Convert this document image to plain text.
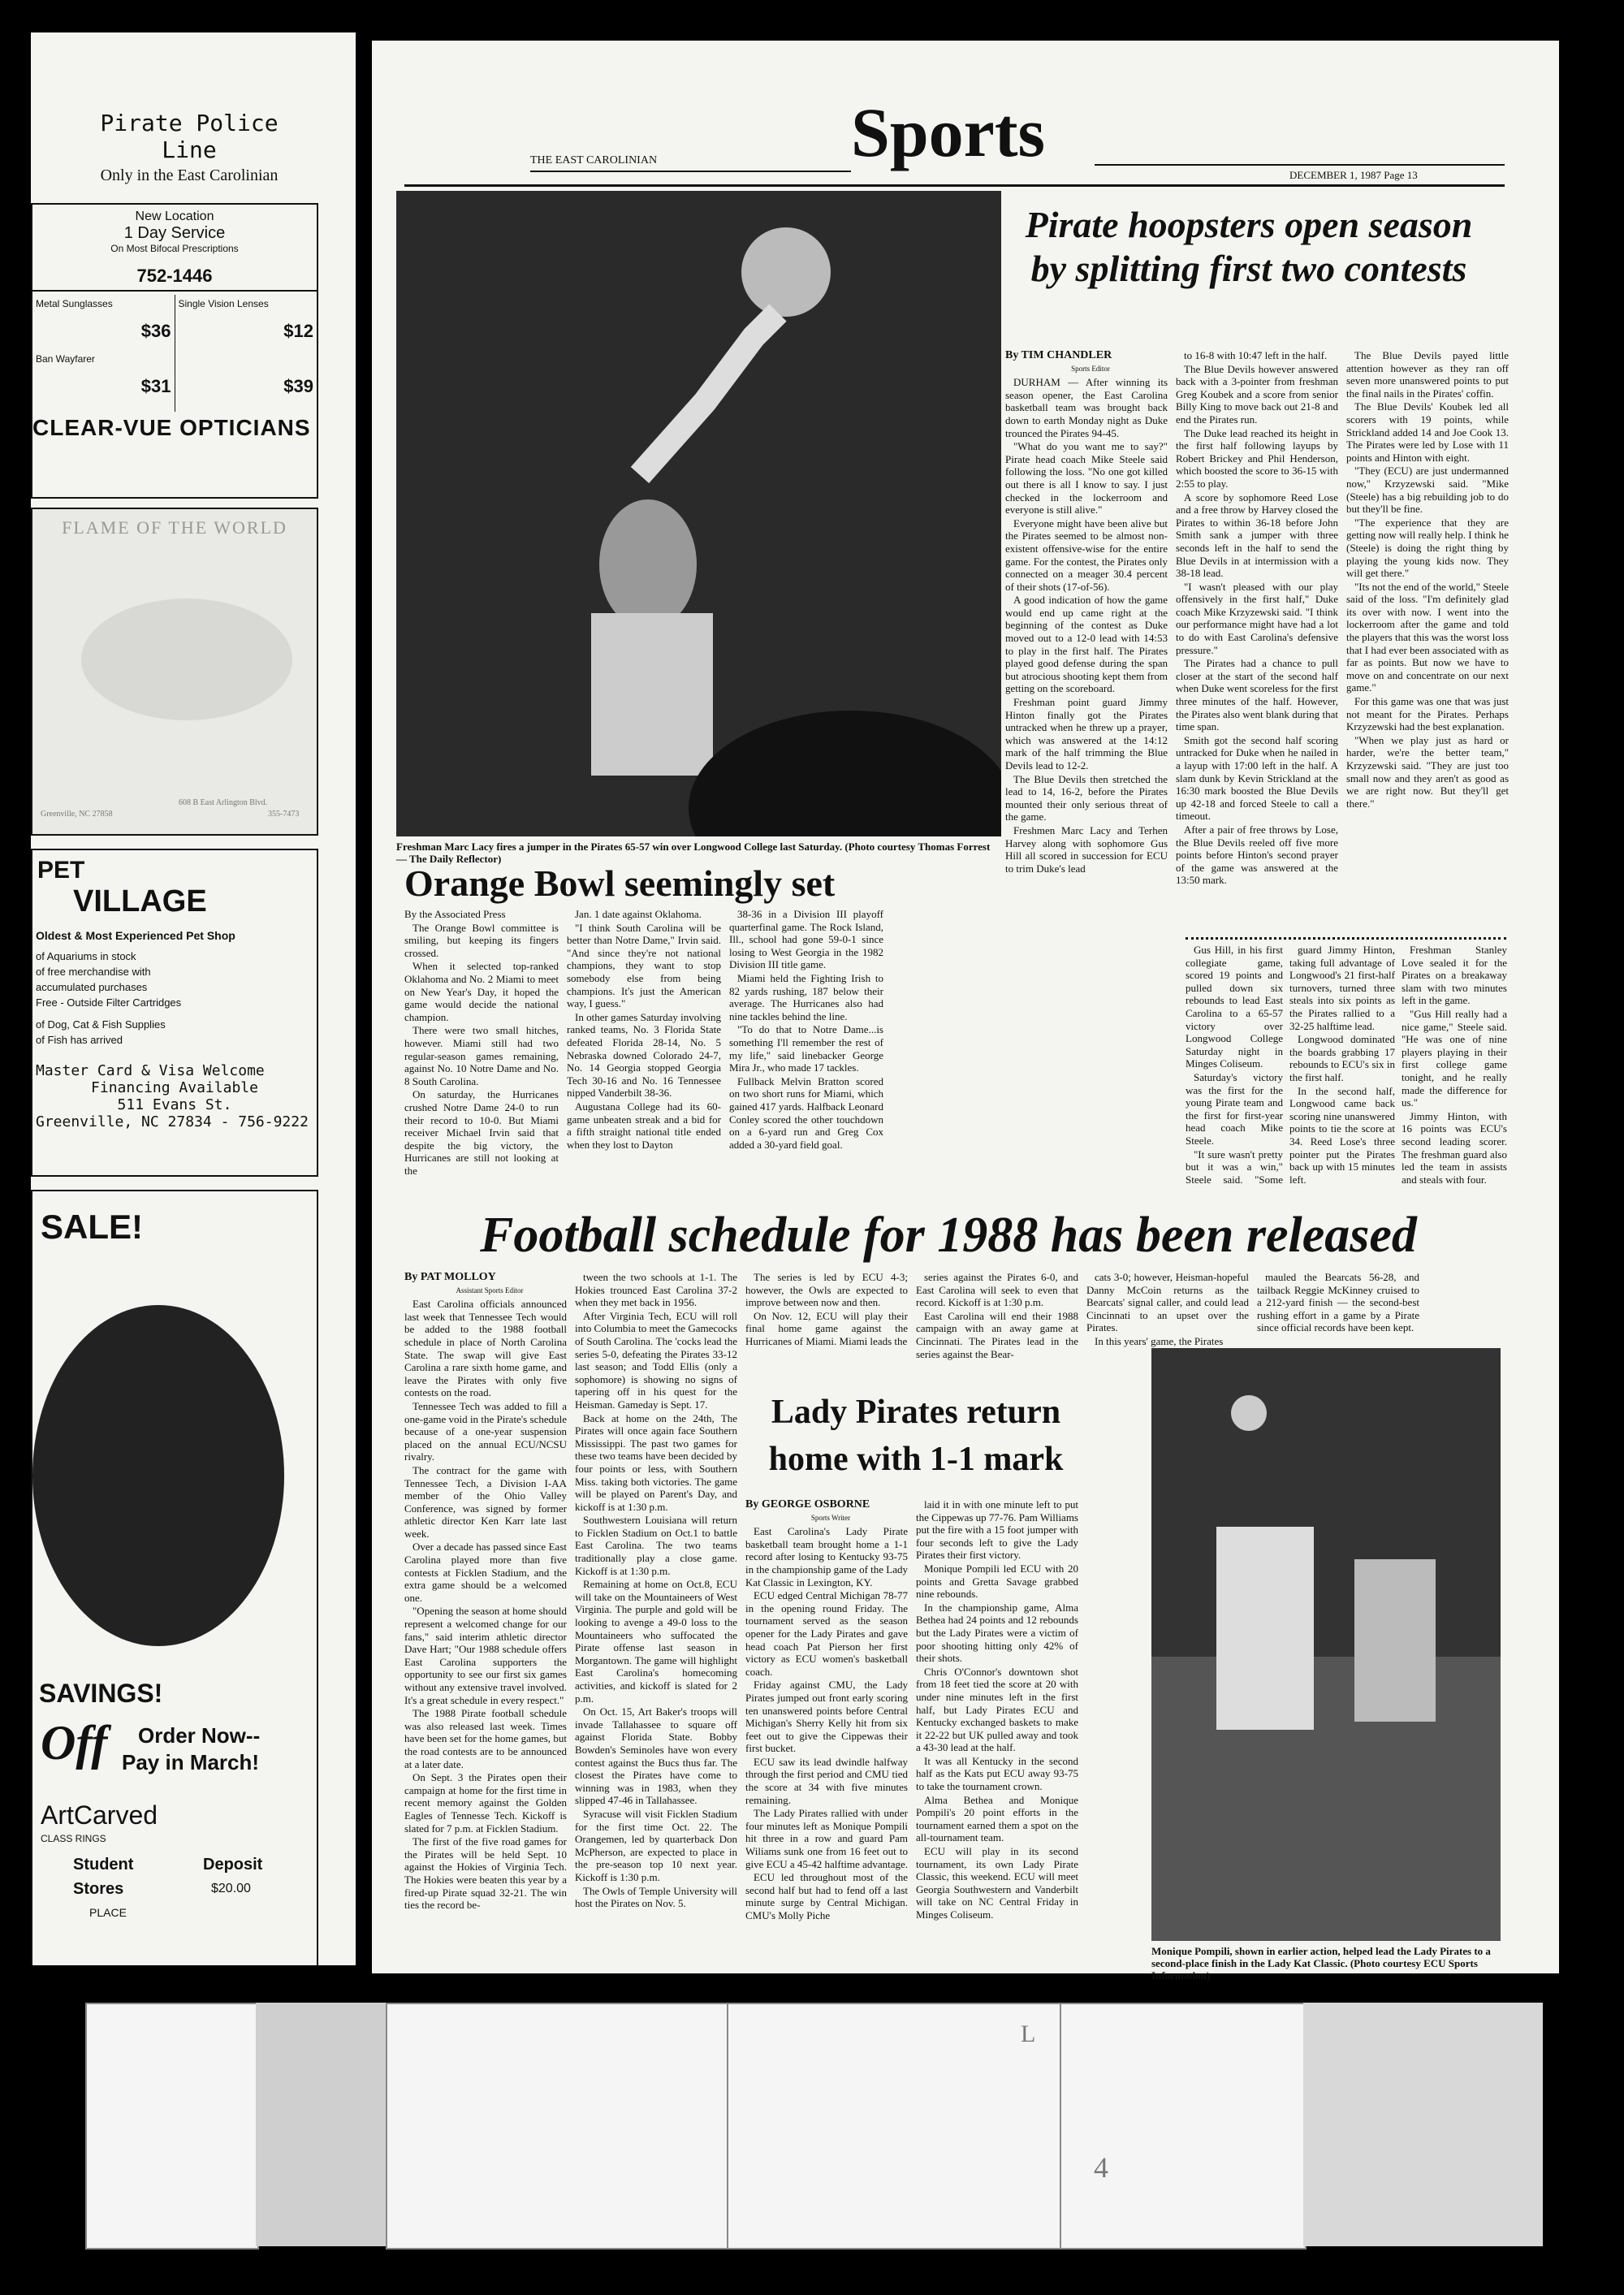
Pirate Police
Line
Only in the East Carolinian
New Location
1 Day Service
On Most Bifocal Prescriptions
752-1446
Metal Sunglasses
$36
Ban Wayfarer
$31
Single Vision Lenses
$12
$39
CLEAR-VUE OPTICIANS
FLAME OF THE WORLD
Greenville, NC 27858
608 B East Arlington Blvd.
355-7473
PET
VILLAGE
Oldest & Most Experienced Pet Shop
of Aquariums in stock
of free merchandise with
accumulated purchases
Free - Outside Filter Cartridges
of Dog, Cat & Fish Supplies
of Fish has arrived
Master Card & Visa Welcome
Financing Available
511 Evans St.
Greenville, NC 27834 - 756-9222
SALE!
SAVINGS!
Off Order Now--
Pay in March!
ArtCarved
CLASS RINGS
Student
Stores
Deposit
$20.00
PLACE
THE EAST CAROLINIAN	Sports
DECEMBER 1, 1987 Page 13
Freshman Marc Lacy fires a jumper in the Pirates 65-57 win over Longwood College last Saturday. (Photo courtesy Thomas Forrest — The Daily Reflector)
Pirate hoopsters open season
by splitting first two contests

By TIM CHANDLER

Sports Editor

DURHAM — After winning its season opener, the East Carolina basketball team was brought back down to earth Monday night as Duke trounced the Pirates 94-45.

"What do you want me to say?" Pirate head coach Mike Steele said following the loss. "No one got killed out there is all I know to say. I just checked in the lockerroom and everyone is still alive."

Everyone might have been alive but the Pirates seemed to be almost non-existent offensive-wise for the entire game. For the contest, the Pirates only connected on a meager 30.4 percent of their shots (17-of-56).

A good indication of how the game would end up came right at the beginning of the contest as Duke moved out to a 12-0 lead with 14:53 to play in the first half. The Pirates played good defense during the span but atrocious shooting kept them from getting on the scoreboard.

Freshman point guard Jimmy Hinton finally got the Pirates untracked when he threw up a prayer, which was answered at the 14:12 mark of the half trimming the Blue Devils lead to 12-2.

The Blue Devils then stretched the lead to 14, 16-2, before the Pirates mounted their only serious threat of the game.

Freshmen Marc Lacy and Terhen Harvey along with sophomore Gus Hill all scored in succession for ECU to trim Duke's lead

to 16-8 with 10:47 left in the half.

The Blue Devils however answered back with a 3-pointer from freshman Greg Koubek and a score from senior Billy King to move back out 21-8 and end the Pirates run.

The Duke lead reached its height in the first half following layups by Robert Brickey and Phil Henderson, which boosted the score to 36-15 with 2:55 to play.

A score by sophomore Reed Lose and a free throw by Harvey closed the Pirates to within 36-18 before John Smith sank a jumper with three seconds left in the half to send the Blue Devils in at intermission with a 38-18 lead.

"I wasn't pleased with our play offensively in the first half," Duke coach Mike Krzyzewski said. "I think our performance might have had a lot to do with East Carolina's defensive pressure."

The Pirates had a chance to pull closer at the start of the second half when Duke went scoreless for the first three minutes of the half. However, the Pirates also went blank during that time span.

Smith got the second half scoring untracked for Duke when he nailed in a layup with 17:00 left in the half. A slam dunk by Kevin Strickland at the 16:30 mark boosted the Blue Devils up 42-18 and forced Steele to call a timeout.

After a pair of free throws by Lose, the Blue Devils reeled off five more points before Hinton's second prayer of the game was answered at the 13:50 mark.

The Blue Devils payed little attention however as they ran off seven more unanswered points to put the final nails in the Pirates' coffin.

The Blue Devils' Koubek led all scorers with 19 points, while Strickland added 14 and Joe Cook 13. The Pirates were led by Lose with 11 points and Hinton with eight.

"They (ECU) are just undermanned now," Krzyzewski said. "Mike (Steele) has a big rebuilding job to do but they'll be fine.

"The experience that they are getting now will really help. I think he (Steele) is doing the right thing by playing the young kids now. They will get there."

"Its not the end of the world," Steele said of the loss. "I'm definitely glad its over with now. I went into the lockerroom after the game and told the players that this was the worst loss that I had ever been associated with as far as points. But now we have to move on and concentrate on our next game."

For this game was one that was just not meant for the Pirates. Perhaps Krzyzewski had the best explanation.

"When we play just as hard or harder, we're the better team," Krzyzewski said. "They are just too small now and they aren't as good as we are right now. But they'll get there."

Gus Hill, in his first collegiate game, scored 19 points and pulled down six rebounds to lead East Carolina to a 65-57 victory over Longwood College Saturday night in Minges Coliseum.

Saturday's victory was the first for the young Pirate team and the first for first-year head coach Mike Steele.

"It sure wasn't pretty but it was a win," Steele said. "Some

guard Jimmy Hinton, taking full advantage of Longwood's 21 first-half turnovers, turned three steals into six points as the Pirates rallied to a 32-25 halftime lead.

Longwood dominated the boards grabbing 17 rebounds to ECU's six in the first half.

In the second half, Longwood came back scoring nine unanswered points to tie the score at 34. Reed Lose's three pointer put the Pirates back up with 15 minutes left.

Freshman Stanley Love sealed it for the Pirates on a breakaway slam with two minutes left in the game.

"Gus Hill really had a nice game," Steele said. "He was one of nine players playing in their first college game tonight, and he really made the difference for us."

Jimmy Hinton, with 16 points was ECU's second leading scorer. The freshman guard also led the team in assists and steals with four.

Orange Bowl seemingly set

By the Associated Press

The Orange Bowl committee is smiling, but keeping its fingers crossed.

When it selected top-ranked Oklahoma and No. 2 Miami to meet on New Year's Day, it hoped the game would decide the national champion.

There were two small hitches, however. Miami still had two regular-season games remaining, against No. 10 Notre Dame and No. 8 South Carolina.

On saturday, the Hurricanes crushed Notre Dame 24-0 to run their record to 10-0. But Miami receiver Michael Irvin said that despite the big victory, the Hurricanes are still not looking at the

Jan. 1 date against Oklahoma.

"I think South Carolina will be better than Notre Dame," Irvin said. "And since they're not national champions, they want to stop somebody else from being champions. It's just the American way, I guess."

In other games Saturday involving ranked teams, No. 3 Florida State defeated Florida 28-14, No. 5 Nebraska downed Colorado 24-7, No. 14 Georgia stopped Georgia Tech 30-16 and No. 16 Tennessee nipped Vanderbilt 38-36.

Augustana College had its 60-game unbeaten streak and a bid for a fifth straight national title ended when they lost to Dayton

38-36 in a Division III playoff quarterfinal game. The Rock Island, Ill., school had gone 59-0-1 since losing to West Georgia in the 1982 Division III title game.

Miami held the Fighting Irish to 82 yards rushing, 187 below their average. The Hurricanes also had nine tackles behind the line.

"To do that to Notre Dame...is something I'll remember the rest of my life," said linebacker George Mira Jr., who made 17 tackles.

Fullback Melvin Bratton scored on two short runs for Miami, which gained 417 yards. Halfback Leonard Conley scored the other touchdown on a 6-yard run and Greg Cox added a 30-yard field goal.

Football schedule for 1988 has been released

By PAT MOLLOY

Assistant Sports Editor

East Carolina officials announced last week that Tennessee Tech would be added to the 1988 football schedule in place of North Carolina State. The swap will give East Carolina a rare sixth home game, and leave the Pirates with only five contests on the road.

Tennessee Tech was added to fill a one-game void in the Pirate's schedule because of a one-year suspension placed on the annual ECU/NCSU rivalry.

The contract for the game with Tennessee Tech, a Division I-AA member of the Ohio Valley Conference, was signed by former athletic director Ken Karr late last week.

Over a decade has passed since East Carolina played more than five contests at Ficklen Stadium, and the extra game should be a welcomed one.

"Opening the season at home should represent a welcomed change for our fans," said interim athletic director Dave Hart; "Our 1988 schedule offers East Carolina supporters the opportunity to see our first six games without any extensive travel involved. It's a great schedule in every respect."

The 1988 Pirate football schedule was also released last week. Times have been set for the home games, but the road contests are to be announced at a later date.

On Sept. 3 the Pirates open their campaign at home for the first time in recent memory against the Golden Eagles of Tennesse Tech. Kickoff is slated for 7 p.m. at Ficklen Stadium.

The first of the five road games for the Pirates will be held Sept. 10 against the Hokies of Virginia Tech. The Hokies were beaten this year by a fired-up Pirate squad 32-21. The win ties the record be-

tween the two schools at 1-1. The Hokies trounced East Carolina 37-2 when they met back in 1956.

After Virginia Tech, ECU will roll into Columbia to meet the Gamecocks of South Carolina. The 'cocks lead the series 5-0, defeating the Pirates 33-12 last season; and Todd Ellis (only a sophomore) is showing no signs of tapering off in his quest for the Heisman. Gameday is Sept. 17.

Back at home on the 24th, The Pirates will once again face Southern Mississippi. The past two games for these two teams have been decided by four points or less, with Southern Miss. taking both victories. The game will be played on Parent's Day, and kickoff is at 1:30 p.m.

Southwestern Louisiana will return to Ficklen Stadium on Oct.1 to battle East Carolina. The two teams traditionally play a close game. Kickoff is at 1:30 p.m.

Remaining at home on Oct.8, ECU will take on the Mountaineers of West Virginia. The purple and gold will be looking to avenge a 49-0 loss to the Mountaineers who suffocated the Pirate offense last season in Morgantown. The game will highlight East Carolina's homecoming activities, and kickoff is slated for 2 p.m.

On Oct. 15, Art Baker's troops will invade Tallahassee to square off against Florida State. Bobby Bowden's Seminoles have won every contest against the Bucs thus far. The closest the Pirates have come to winning was in 1983, when they slipped 47-46 in Tallahassee.

Syracuse will visit Ficklen Stadium for the first time Oct. 22. The Orangemen, led by quarterback Don McPherson, are expected to place in the pre-season top 10 next year. Kickoff is 1:30 p.m.

The Owls of Temple University will host the Pirates on Nov. 5.

The series is led by ECU 4-3; however, the Owls are expected to improve between now and then.

On Nov. 12, ECU will play their final home game against the Hurricanes of Miami. Miami leads the

series against the Pirates 6-0, and East Carolina will seek to even that record. Kickoff is at 1:30 p.m.

East Carolina will end their 1988 campaign with an away game at Cincinnati. The Pirates lead in the series against the Bear-

cats 3-0; however, Heisman-hopeful Danny McCoin returns as the Bearcats' signal caller, and could lead Cincinnati to an upset over the Pirates.

In this years' game, the Pirates

mauled the Bearcats 56-28, and tailback Reggie McKinney cruised to a 212-yard finish — the second-best rushing effort in a game by a Pirate since official records have been kept.

Lady Pirates return
home with 1-1 mark

By GEORGE OSBORNE

Sports Writer

East Carolina's Lady Pirate basketball team brought home a 1-1 record after losing to Kentucky 93-75 in the championship game of the Lady Kat Classic in Lexington, KY.

ECU edged Central Michigan 78-77 in the opening round Friday. The tournament served as the season opener for the Lady Pirates and gave head coach Pat Pierson her first victory as ECU women's basketball coach.

Friday against CMU, the Lady Pirates jumped out front early scoring ten unanswered points before Central Michigan's Sherry Kelly hit from six feet out to give the Cippewas their first bucket.

ECU saw its lead dwindle halfway through the first period and CMU tied the score at 34 with five minutes remaining.

The Lady Pirates rallied with under four minutes left as Monique Pompili hit three in a row and guard Pam Wiliams sunk one from 16 feet out to give ECU a 45-42 halftime advantage.

ECU led throughout most of the second half but had to fend off a last minute surge by Central Michigan. CMU's Molly Piche

laid it in with one minute left to put the Cippewas up 77-76. Pam Williams put the fire with a 15 foot jumper with four seconds left to give the Lady Pirates their first victory.

Monique Pompili led ECU with 20 points and Gretta Savage grabbed nine rebounds.

In the championship game, Alma Bethea had 24 points and 12 rebounds but the Lady Pirates were a victim of poor shooting hitting only 42% of their shots.

Chris O'Connor's downtown shot from 18 feet tied the score at 20 with under nine minutes left in the first half, but Lady Pirates ECU and Kentucky exchanged baskets to make it 22-22 but UK pulled away and took a 43-30 lead at the half.

It was all Kentucky in the second half as the Kats put ECU away 93-75 to take the tournament crown.

Alma Bethea and Monique Pompili's 20 point efforts in the tournament earned them a spot on the all-tournament team.

ECU will play in its second tournament, its own Lady Pirate Classic, this weekend. ECU will meet Georgia Southwestern and Vanderbilt will take on NC Central Friday in Minges Coliseum.

Monique Pompili, shown in earlier action, helped lead the Lady Pirates to a second-place finish in the Lady Kat Classic. (Photo courtesy ECU Sports Information)
L
4
